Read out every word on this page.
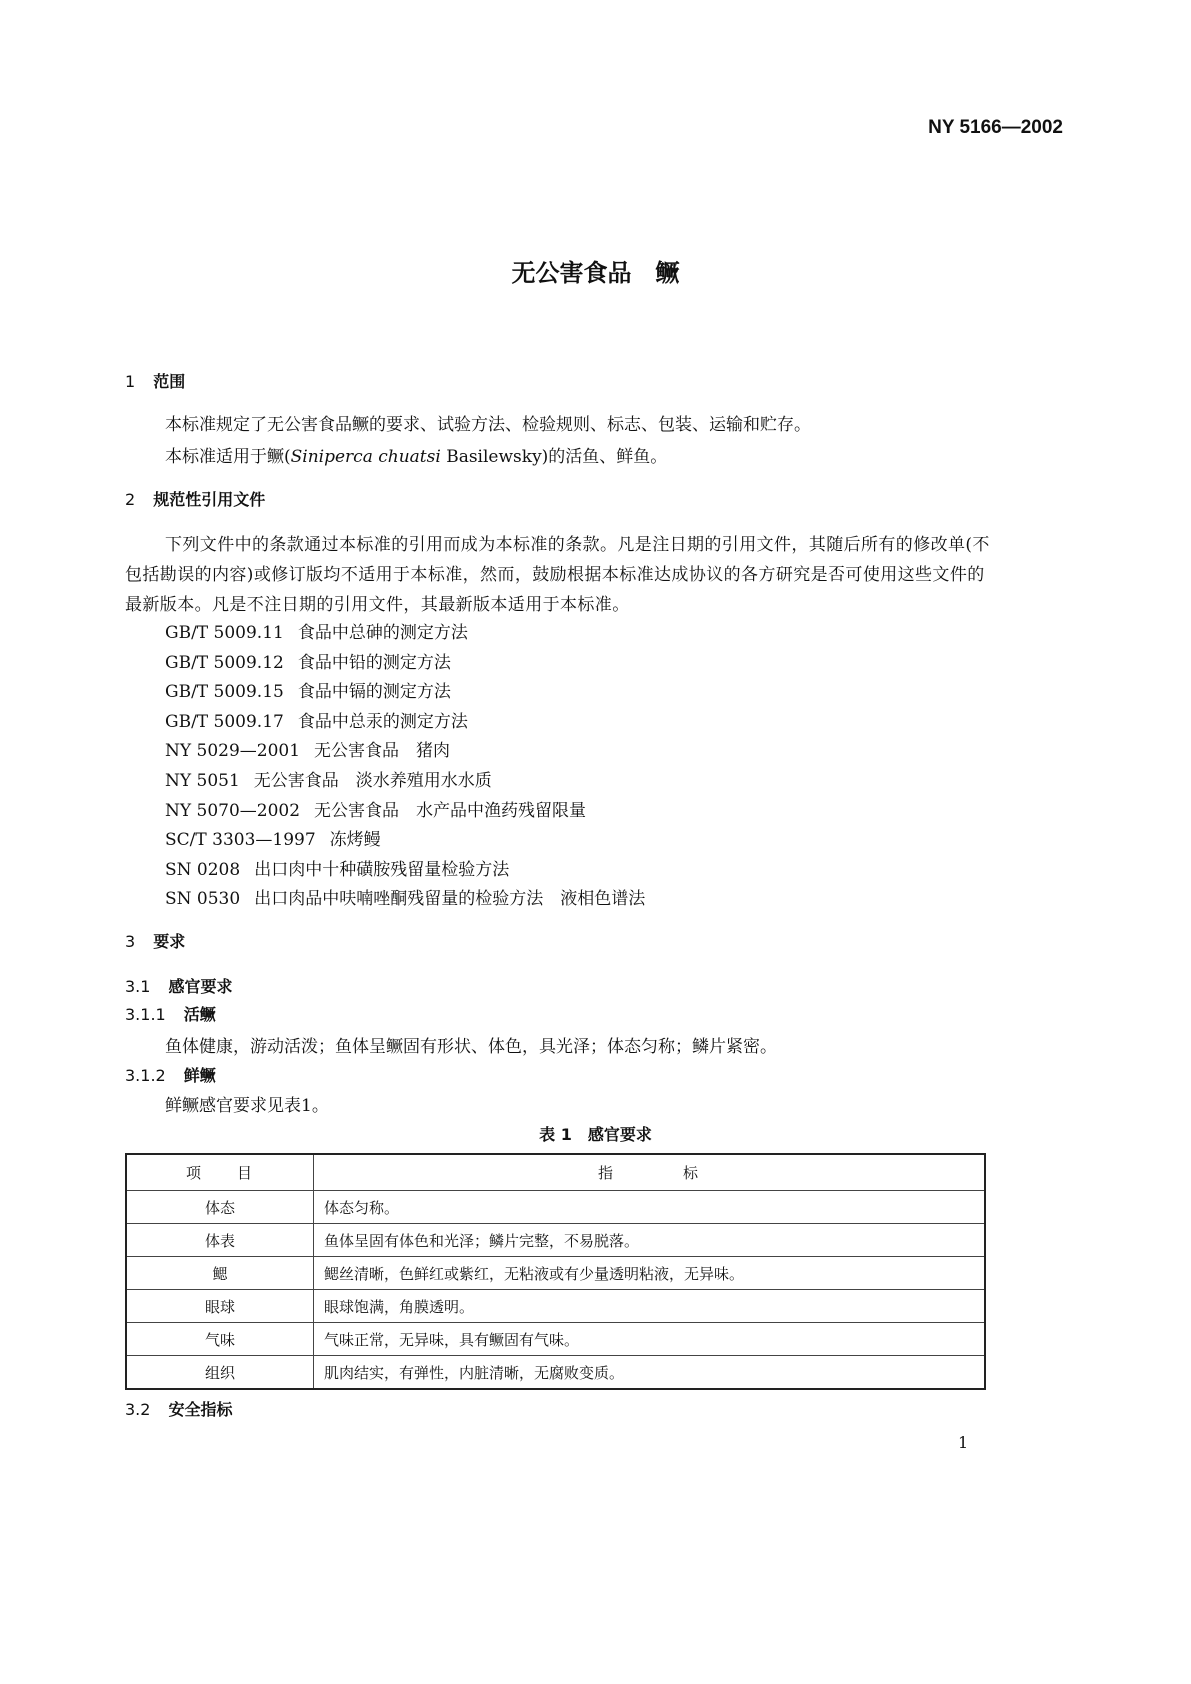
NY 5166—2002
无公害食品　鳜
1 范围
本标准规定了无公害食品鳜的要求、试验方法、检验规则、标志、包装、运输和贮存。
本标准适用于鳜(Siniperca chuatsi Basilewsky)的活鱼、鲜鱼。
2 规范性引用文件
下列文件中的条款通过本标准的引用而成为本标准的条款。凡是注日期的引用文件，其随后所有的修改单(不包括勘误的内容)或修订版均不适用于本标准，然而，鼓励根据本标准达成协议的各方研究是否可使用这些文件的最新版本。凡是不注日期的引用文件，其最新版本适用于本标准。
GB/T 5009.11 食品中总砷的测定方法
GB/T 5009.12 食品中铅的测定方法
GB/T 5009.15 食品中镉的测定方法
GB/T 5009.17 食品中总汞的测定方法
NY 5029—2001 无公害食品　猪肉
NY 5051 无公害食品　淡水养殖用水水质
NY 5070—2002 无公害食品　水产品中渔药残留限量
SC/T 3303—1997 冻烤鳗
SN 0208 出口肉中十种磺胺残留量检验方法
SN 0530 出口肉品中呋喃唑酮残留量的检验方法　液相色谱法
3 要求
3.1 感官要求
3.1.1 活鳜
鱼体健康，游动活泼；鱼体呈鳜固有形状、体色，具光泽；体态匀称；鳞片紧密。
3.1.2 鲜鳜
鲜鳜感官要求见表1。
表 1　感官要求
项　　目	指　　　　标
体态	体态匀称。
体表	鱼体呈固有体色和光泽；鳞片完整，不易脱落。
鳃	鳃丝清晰，色鲜红或紫红，无粘液或有少量透明粘液，无异味。
眼球	眼球饱满，角膜透明。
气味	气味正常，无异味，具有鳜固有气味。
组织	肌肉结实，有弹性，内脏清晰，无腐败变质。
3.2 安全指标
1
